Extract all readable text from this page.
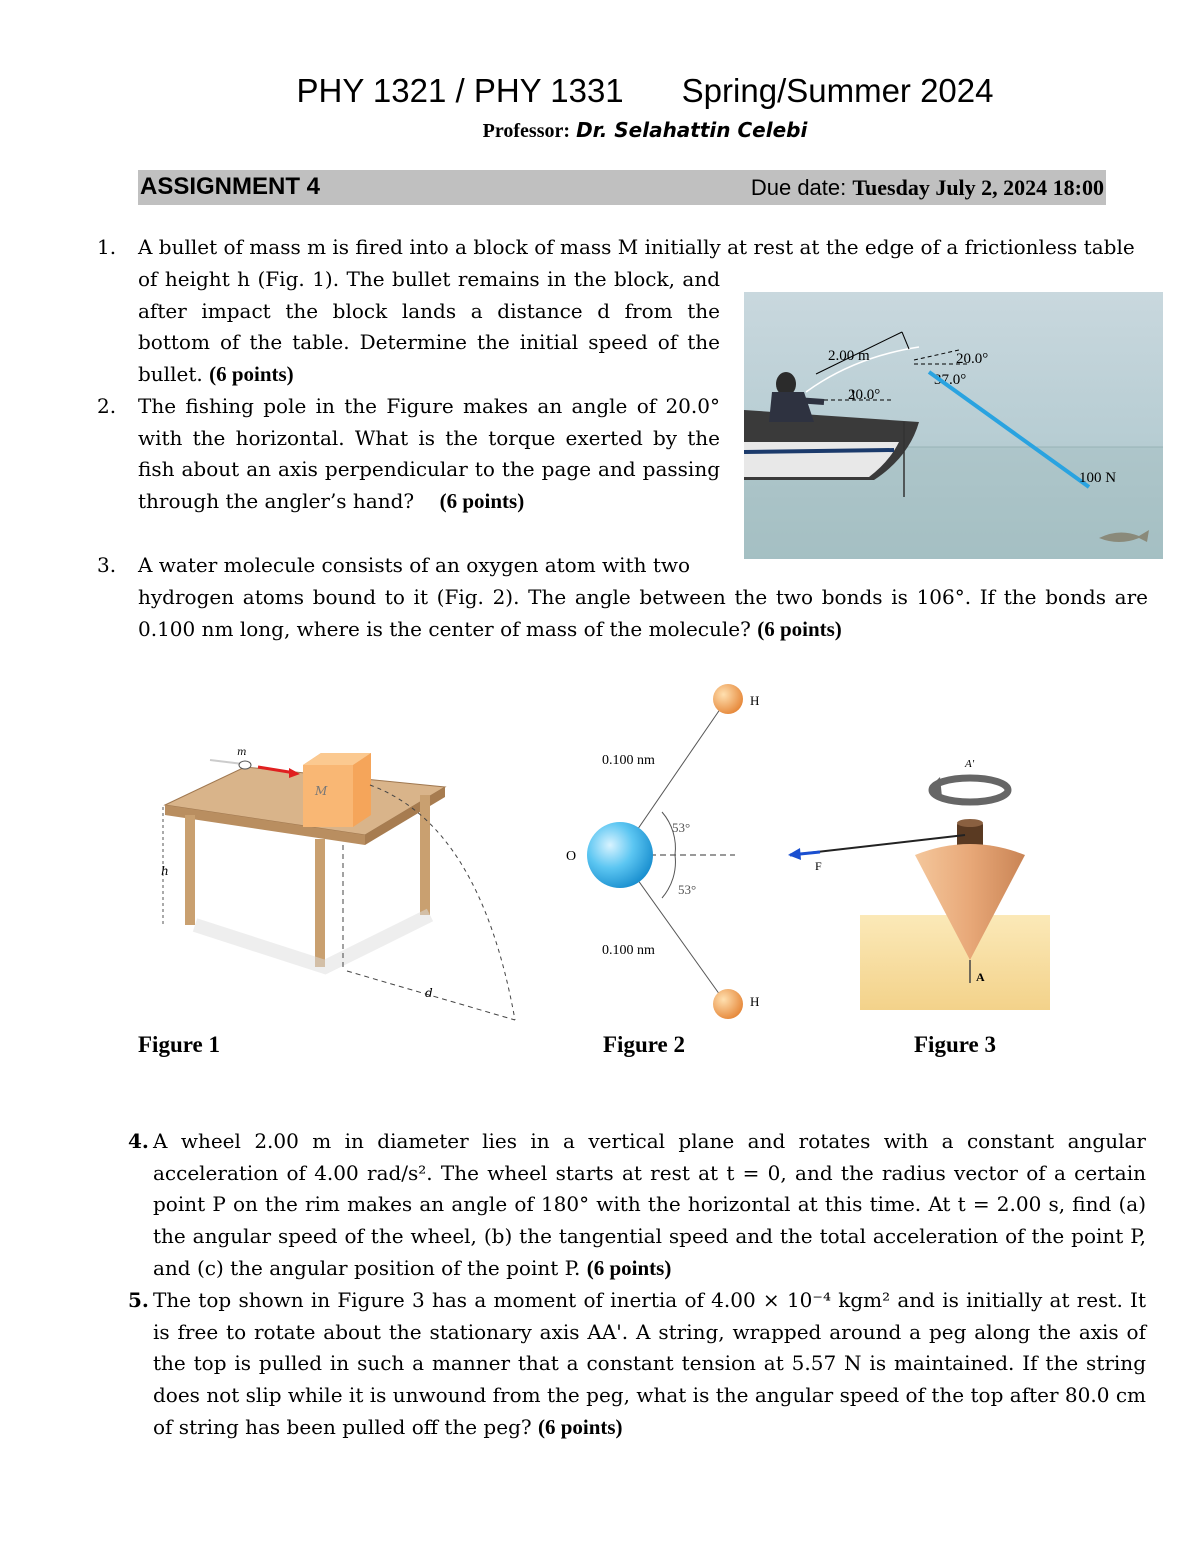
PHY 1321 / PHY 1331 Spring/Summer 2024
Professor: Dr. Selahattin Celebi
ASSIGNMENT 4	Due date: Tuesday July 2, 2024 18:00
1. A bullet of mass m is fired into a block of mass M initially at rest at the edge of a frictionless table
of height h (Fig. 1). The bullet remains in the block, and after impact the block lands a distance d from the bottom of the table. Determine the initial speed of the bullet. (6 points)
2. The fishing pole in the Figure makes an angle of 20.0° with the horizontal. What is the torque exerted by the fish about an axis perpendicular to the page and passing through the angler’s hand? (6 points)
2.00 m
20.0°
20.0°
37.0°
100 N
3. A water molecule consists of an oxygen atom with two
hydrogen atoms bound to it (Fig. 2). The angle between the two bonds is 106°. If the bonds are 0.100 nm long, where is the center of mass of the molecule? (6 points)
M
m
h
d
Figure 1
O
H
H
0.100 nm
0.100 nm
53°
53°
Figure 2
A'
A
F
Figure 3
4. A wheel 2.00 m in diameter lies in a vertical plane and rotates with a constant angular acceleration of 4.00 rad/s². The wheel starts at rest at t = 0, and the radius vector of a certain point P on the rim makes an angle of 180° with the horizontal at this time. At t = 2.00 s, find (a) the angular speed of the wheel, (b) the tangential speed and the total acceleration of the point P, and (c) the angular position of the point P. (6 points)
5. The top shown in Figure 3 has a moment of inertia of 4.00 × 10⁻⁴ kgm² and is initially at rest. It is free to rotate about the stationary axis AA'. A string, wrapped around a peg along the axis of the top is pulled in such a manner that a constant tension at 5.57 N is maintained. If the string does not slip while it is unwound from the peg, what is the angular speed of the top after 80.0 cm of string has been pulled off the peg? (6 points)
